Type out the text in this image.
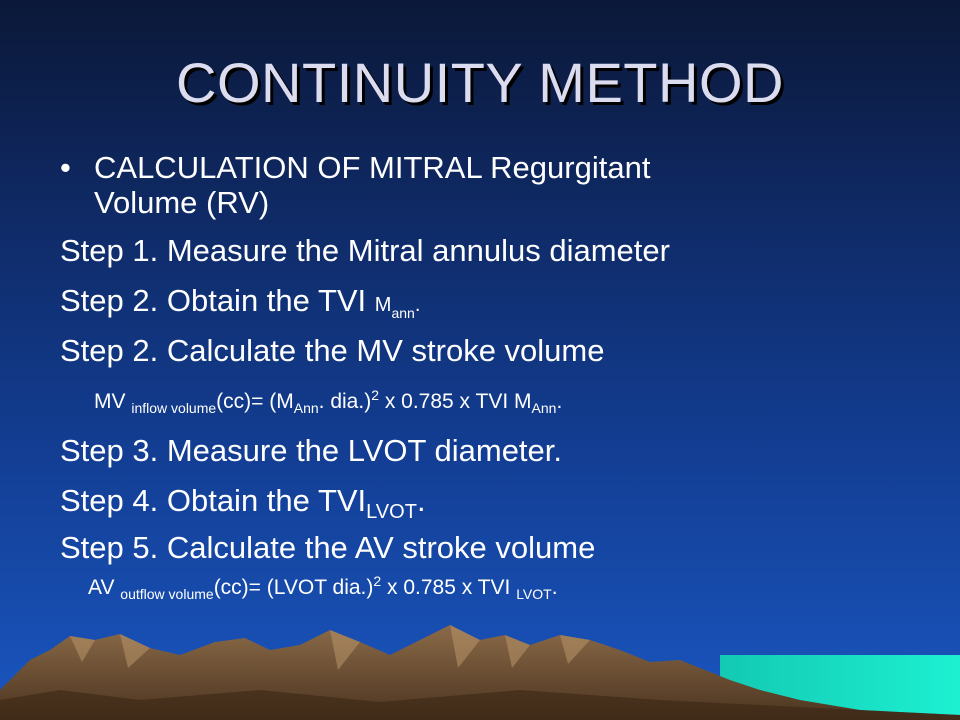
CONTINUITY METHOD
• CALCULATION OF MITRAL Regurgitant
Volume (RV)
Step 1. Measure the Mitral annulus diameter
Step 2. Obtain the TVI $M_{ann}$.
Step 2. Calculate the MV stroke volume
MV $_{inflow volume}(cc)= (M_{Ann}$. dia.)$^2$ x 0.785 x TVI $M_{Ann}$.
Step 3. Measure the LVOT diameter.
Step 4. Obtain the $TVI_{LVOT}$.
Step 5. Calculate the AV stroke volume
AV $_{outflow volume}$(cc)= (LVOT dia.)$^2$ x 0.785 x TVI $_{LVOT}$.
